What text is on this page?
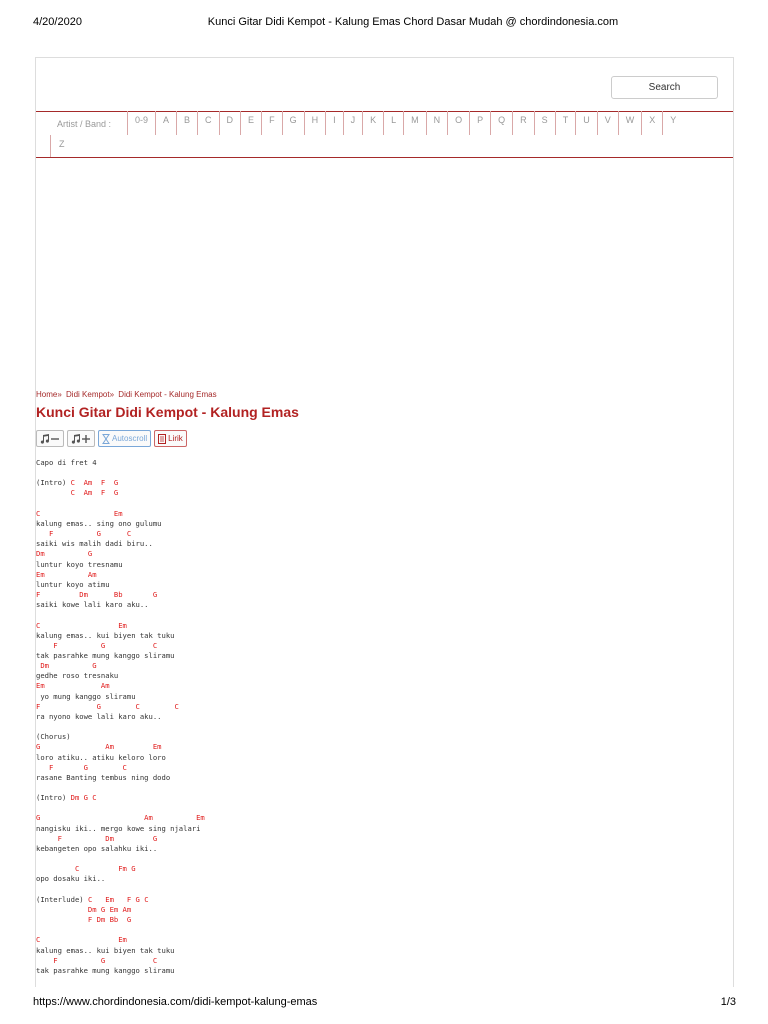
4/20/2020	Kunci Gitar Didi Kempot - Kalung Emas Chord Dasar Mudah @ chordindonesia.com
Search
Artist / Band :	0-9	A	B	C	D	E	F	G	H	I	J	K	L	M	N	O	P	Q	R	S	T	U	V	W	X	Y
Z
Home» Didi Kempot» Didi Kempot - Kalung Emas
Kunci Gitar Didi Kempot - Kalung Emas
Autoscroll	Lirik
Capo di fret 4
(Intro) C  Am  F  G
C  Am  F  G
C                 Em
kalung emas.. sing ono gulumu
F          G      C
saiki wis malih dadi biru..
Dm          G
luntur koyo tresnamu
Em          Am
luntur koyo atimu
F         Dm      Bb       G
saiki kowe lali karo aku..
C                  Em
kalung emas.. kui biyen tak tuku
F          G           C
tak pasrahke mung kanggo sliramu
Dm          G
gedhe roso tresnaku
Em             Am
yo mung kanggo sliramu
F             G        C        C
ra nyono kowe lali karo aku..
(Chorus)
G               Am         Em
loro atiku.. atiku keloro loro
F       G        C
rasane Banting tembus ning dodo
(Intro) Dm G C
G                        Am          Em
nangisku iki.. mergo kowe sing njalari
F          Dm         G
kebangeten opo salahku iki..
C         Fm G
opo dosaku iki..
(Interlude) C   Em   F G C
Dm G Em Am
F Dm Bb  G
C                  Em
kalung emas.. kui biyen tak tuku
F          G           C
tak pasrahke mung kanggo sliramu
https://www.chordindonesia.com/didi-kempot-kalung-emas	1/3
